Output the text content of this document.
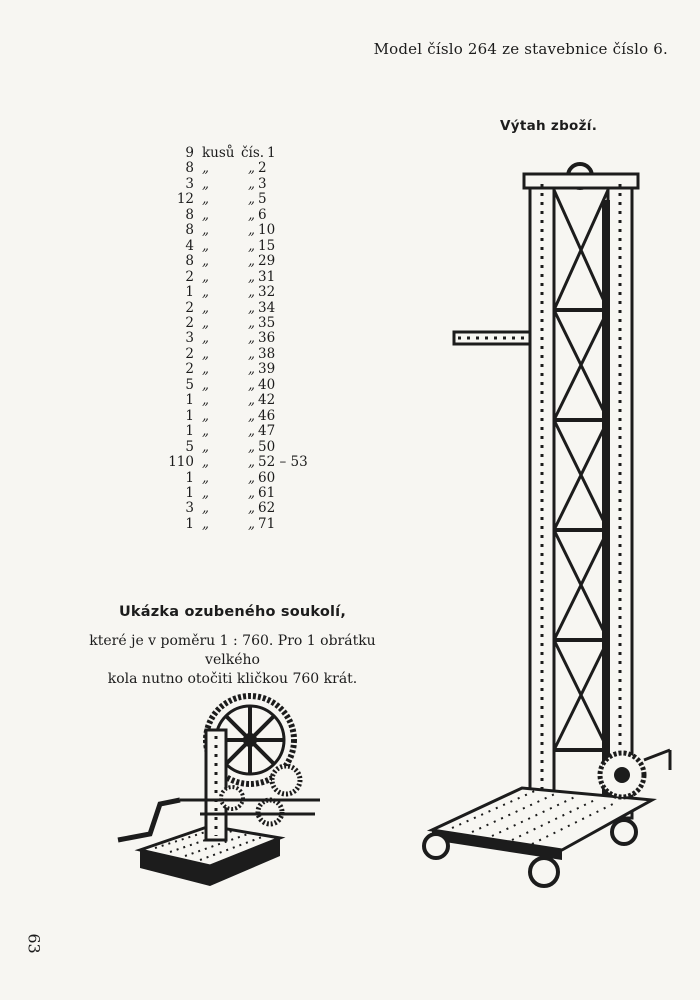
Model číslo 264 ze stavebnice číslo 6.

Výtah zboží.
9 kusů čís. 1
8 „	„ 2
3 „	„ 3
12 „	„ 5
8 „	„ 6
8 „	„ 10
4 „	„ 15
8 „	„ 29
2 „	„ 31
1 „	„ 32
2 „	„ 34
2 „	„ 35
3 „	„ 36
2 „	„ 38
2 „	„ 39
5 „	„ 40
1 „	„ 42
1 „	„ 46
1 „	„ 47
5 „	„ 50
110 „	„ 52 – 53
1 „	„ 60
1 „	„ 61
3 „	„ 62
1 „	„ 71
Ukázka ozubeného soukolí,

které je v poměru 1 : 760. Pro 1 obrátku velkého
kola nutno otočiti kličkou 760 krát.

63
